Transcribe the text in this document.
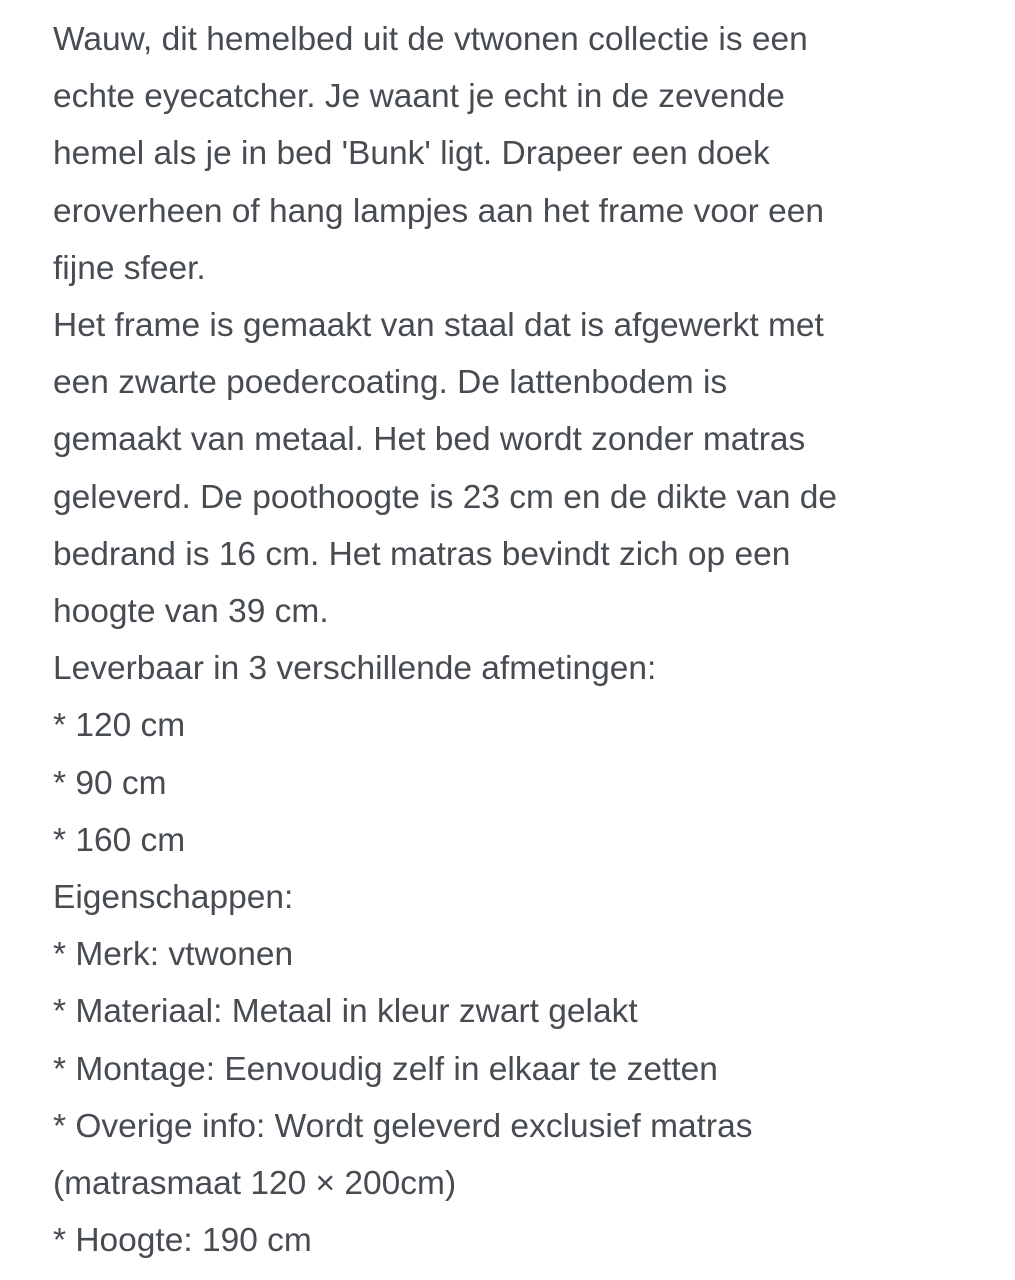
Wauw, dit hemelbed uit de vtwonen collectie is een
echte eyecatcher. Je waant je echt in de zevende
hemel als je in bed 'Bunk' ligt. Drapeer een doek
eroverheen of hang lampjes aan het frame voor een
fijne sfeer.
Het frame is gemaakt van staal dat is afgewerkt met
een zwarte poedercoating. De lattenbodem is
gemaakt van metaal. Het bed wordt zonder matras
geleverd. De poothoogte is 23 cm en de dikte van de
bedrand is 16 cm. Het matras bevindt zich op een
hoogte van 39 cm.
Leverbaar in 3 verschillende afmetingen:
* 120 cm
* 90 cm
* 160 cm
Eigenschappen:
* Merk: vtwonen
* Materiaal: Metaal in kleur zwart gelakt
* Montage: Eenvoudig zelf in elkaar te zetten
* Overige info: Wordt geleverd exclusief matras
(matrasmaat 120 × 200cm)
* Hoogte: 190 cm
